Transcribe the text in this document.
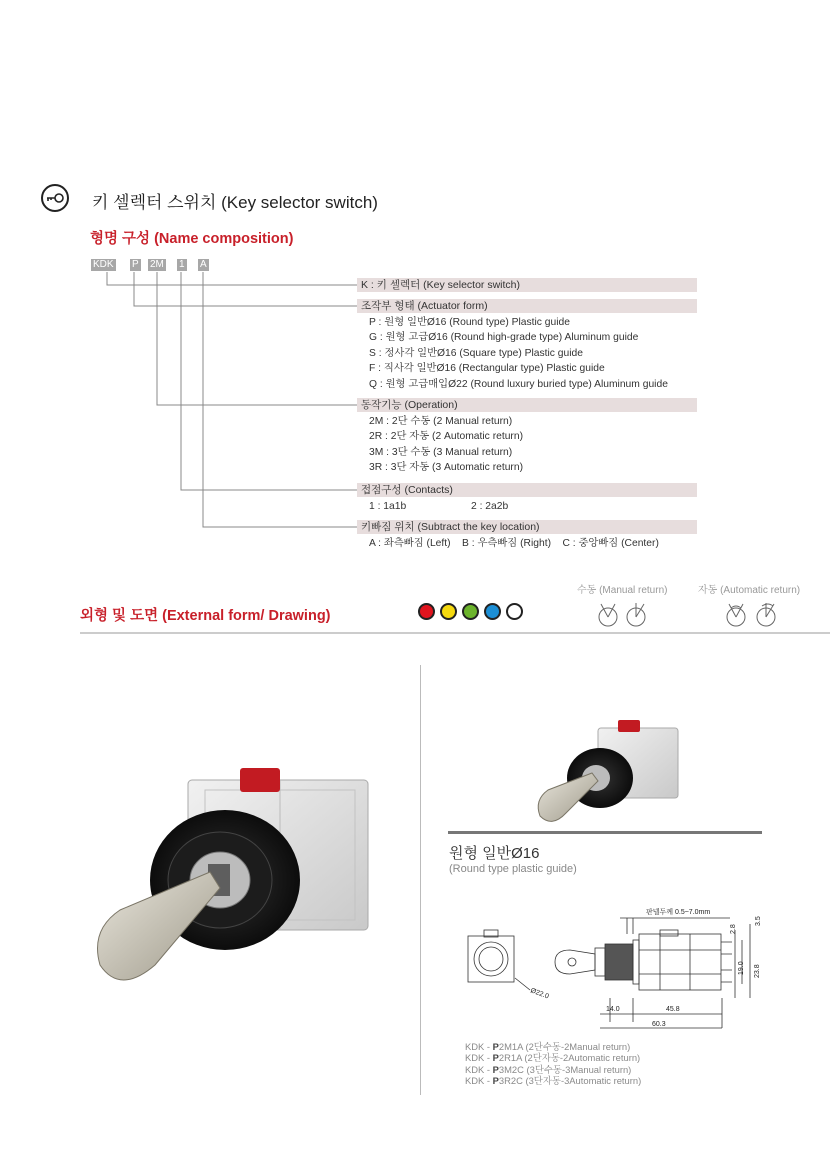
키 셀렉터 스위치 (Key selector switch)
형명 구성 (Name composition)
KDK P 2M 1 A
K : 키 셀렉터 (Key selector switch)
조작부 형태 (Actuator form)
P : 원형 일반Ø16 (Round type) Plastic guide
G : 원형 고급Ø16 (Round high-grade type) Aluminum guide
S : 정사각 일반Ø16 (Square type) Plastic guide
F : 직사각 일반Ø16 (Rectangular type) Plastic guide
Q : 원형 고급매입Ø22 (Round luxury buried type) Aluminum guide
동작기능 (Operation)
2M : 2단 수동 (2 Manual return)
2R : 2단 자동 (2 Automatic return)
3M : 3단 수동 (3 Manual return)
3R : 3단 자동 (3 Automatic return)
접점구성 (Contacts)
1 : 1a1b	2 : 2a2b
키빠짐 위치 (Subtract the key location)
A : 좌측빠짐 (Left)    B : 우측빠짐 (Right)    C : 중앙빠짐 (Center)
수동 (Manual return)	자동 (Automatic return)
외형 및 도면 (External form/ Drawing)
원형 일반Ø16
(Round type plastic guide)
판넬두께 0.5~7.0mm
3.5
2.8
19.0 23.8
14.0	45.8
60.3
Ø22.0
KDK - P2M1A (2단수동-2Manual return)
KDK - P2R1A (2단자동-2Automatic return)
KDK - P3M2C (3단수동-3Manual return)
KDK - P3R2C (3단자동-3Automatic return)
